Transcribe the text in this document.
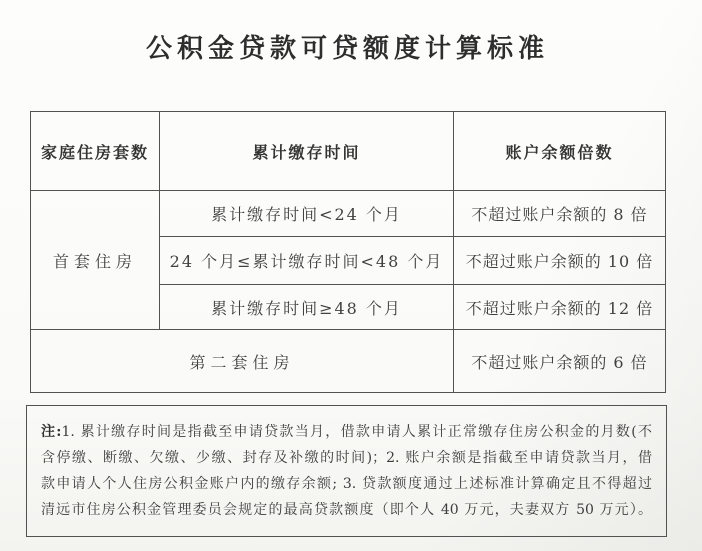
公积金贷款可贷额度计算标准
家庭住房套数	累计缴存时间	账户余额倍数
首套住房	累计缴存时间<24 个月	不超过账户余额的 8 倍
	24 个月≤累计缴存时间<48 个月	不超过账户余额的 10 倍
	累计缴存时间≥48 个月	不超过账户余额的 12 倍
第二套住房		不超过账户余额的 6 倍
注:1. 累计缴存时间是指截至申请贷款当月，借款申请人累计正常缴存住房公积金的月数(不
含停缴、断缴、欠缴、少缴、封存及补缴的时间)；2. 账户余额是指截至申请贷款当月，借
款申请人个人住房公积金账户内的缴存余额; 3. 贷款额度通过上述标准计算确定且不得超过
清远市住房公积金管理委员会规定的最高贷款额度（即个人 40 万元，夫妻双方 50 万元）。
